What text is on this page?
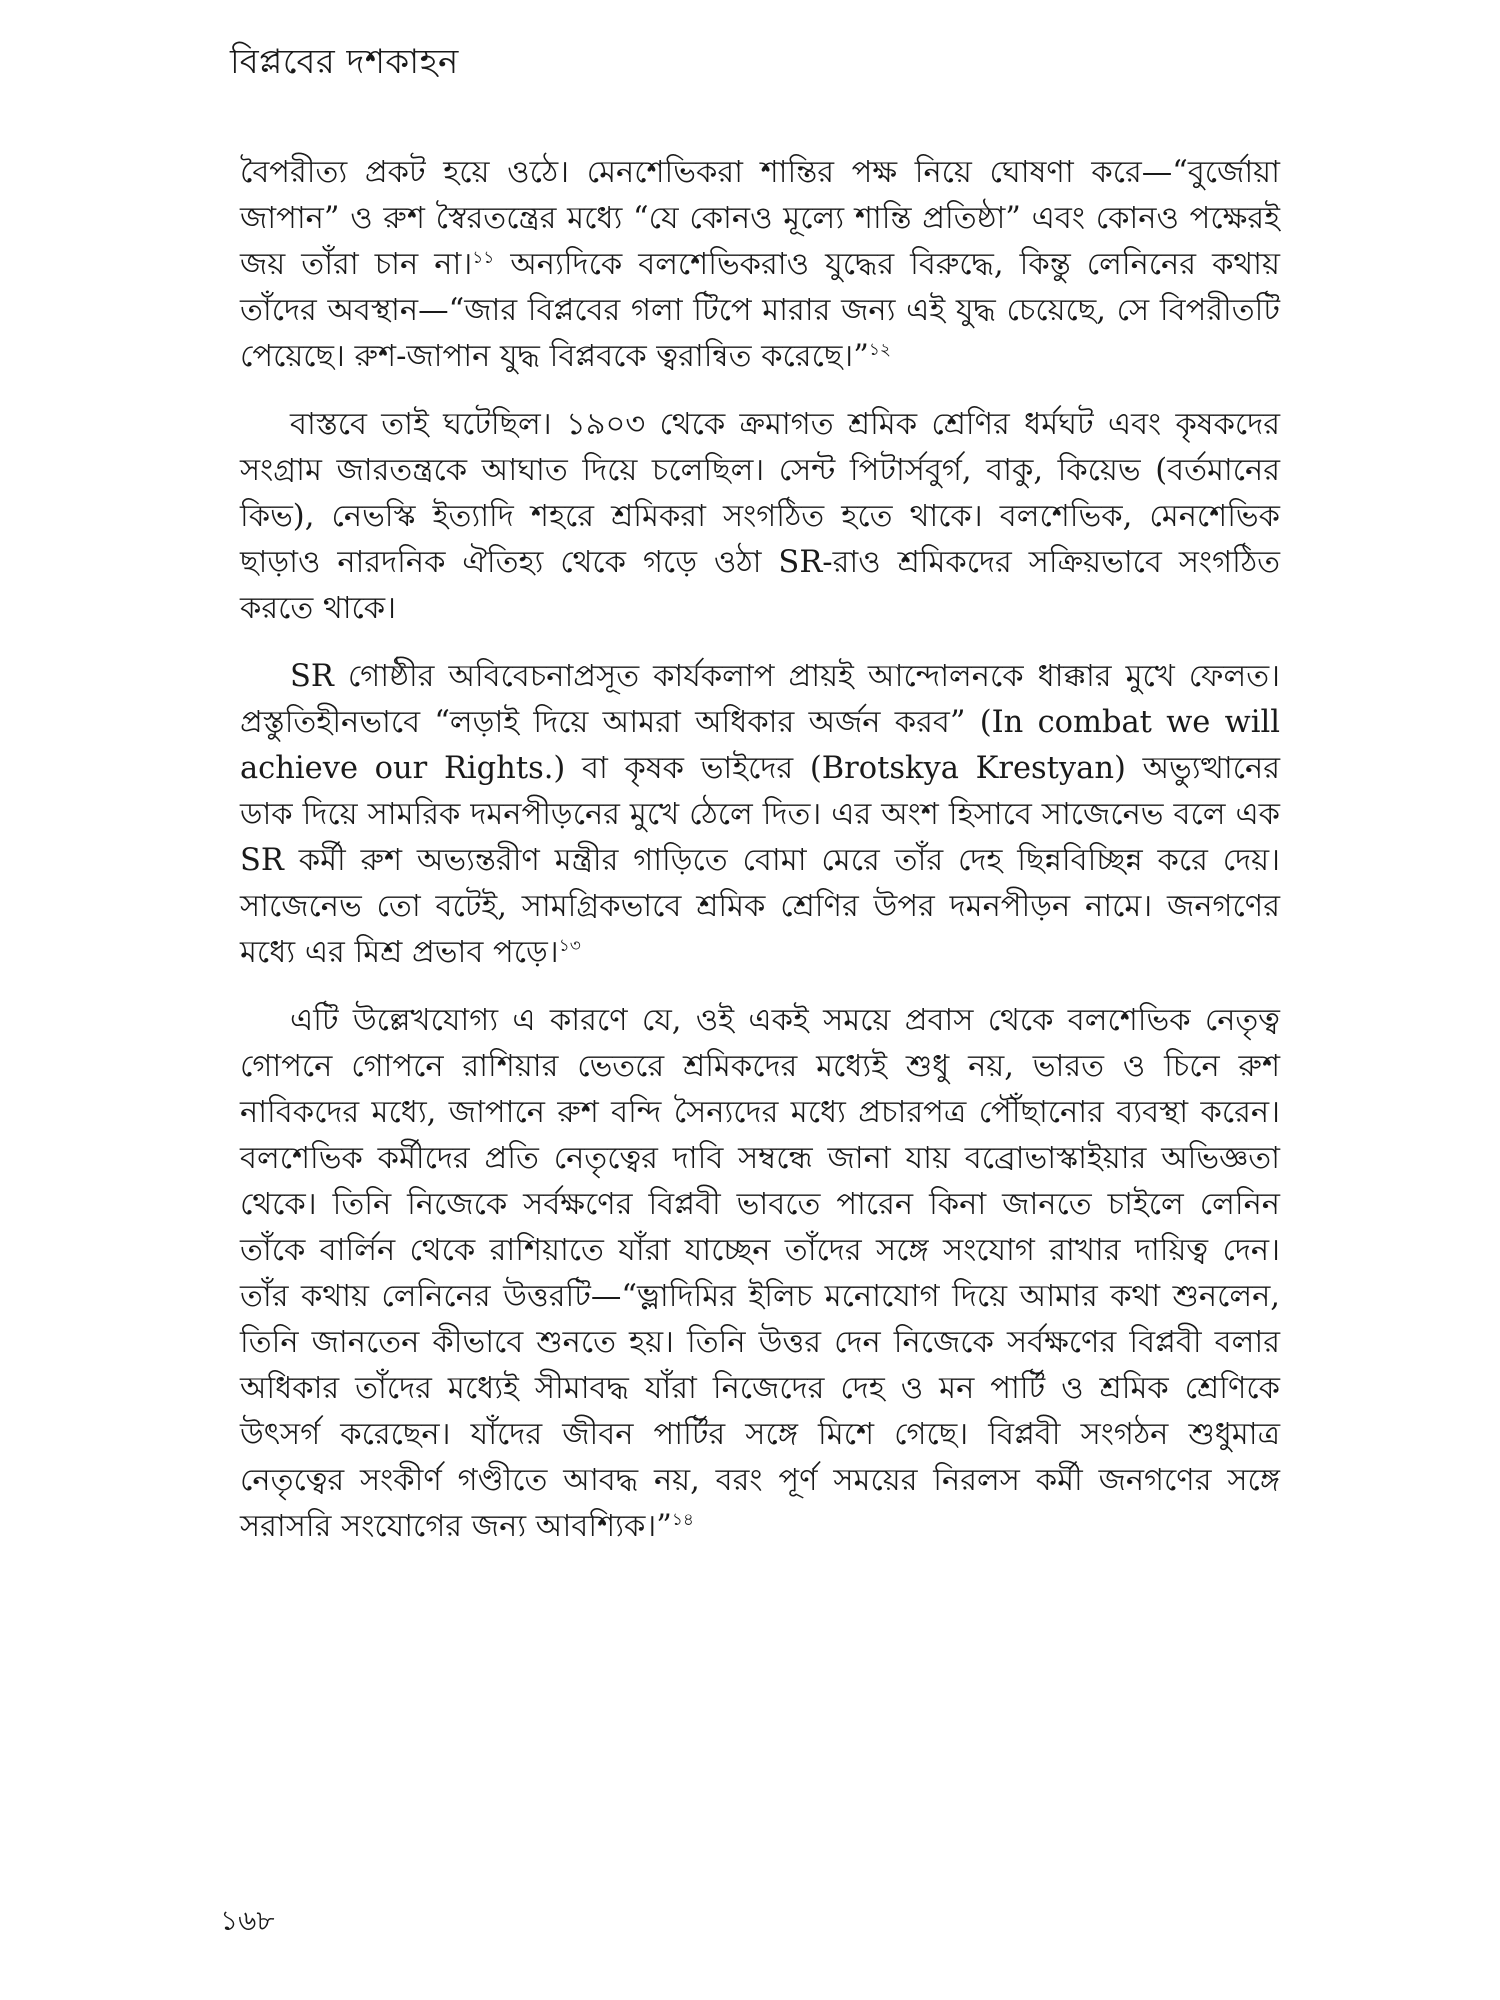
বিপ্লবের দশকাহন

বৈপরীত্য প্রকট হয়ে ওঠে। মেনশেভিকরা শান্তির পক্ষ নিয়ে ঘোষণা করে—“বুর্জোয়া জাপান” ও রুশ স্বৈরতন্ত্রের মধ্যে “যে কোনও মূল্যে শান্তি প্রতিষ্ঠা” এবং কোনও পক্ষেরই জয় তাঁরা চান না।$^{১১}$ অন্যদিকে বলশেভিকরাও যুদ্ধের বিরুদ্ধে, কিন্তু লেনিনের কথায় তাঁদের অবস্থান—“জার বিপ্লবের গলা টিপে মারার জন্য এই যুদ্ধ চেয়েছে, সে বিপরীতটি পেয়েছে। রুশ-জাপান যুদ্ধ বিপ্লবকে ত্বরান্বিত করেছে।”$^{১২}$

বাস্তবে তাই ঘটেছিল। ১৯০৩ থেকে ক্রমাগত শ্রমিক শ্রেণির ধর্মঘট এবং কৃষকদের সংগ্রাম জারতন্ত্রকে আঘাত দিয়ে চলেছিল। সেন্ট পিটার্সবুর্গ, বাকু, কিয়েভ (বর্তমানের কিভ), নেভস্কি ইত্যাদি শহরে শ্রমিকরা সংগঠিত হতে থাকে। বলশেভিক, মেনশেভিক ছাড়াও নারদনিক ঐতিহ্য থেকে গড়ে ওঠা SR-রাও শ্রমিকদের সক্রিয়ভাবে সংগঠিত করতে থাকে।

SR গোষ্ঠীর অবিবেচনাপ্রসূত কার্যকলাপ প্রায়ই আন্দোলনকে ধাক্কার মুখে ফেলত। প্রস্তুতিহীনভাবে “লড়াই দিয়ে আমরা অধিকার অর্জন করব” (In combat we will achieve our Rights.) বা কৃষক ভাইদের (Brotskya Krestyan) অভ্যুত্থানের ডাক দিয়ে সামরিক দমনপীড়নের মুখে ঠেলে দিত। এর অংশ হিসাবে সাজেনেভ বলে এক SR কর্মী রুশ অভ্যন্তরীণ মন্ত্রীর গাড়িতে বোমা মেরে তাঁর দেহ ছিন্নবিচ্ছিন্ন করে দেয়। সাজেনেভ তো বটেই, সামগ্রিকভাবে শ্রমিক শ্রেণির উপর দমনপীড়ন নামে। জনগণের মধ্যে এর মিশ্র প্রভাব পড়ে।$^{১৩}$

এটি উল্লেখযোগ্য এ কারণে যে, ওই একই সময়ে প্রবাস থেকে বলশেভিক নেতৃত্ব গোপনে গোপনে রাশিয়ার ভেতরে শ্রমিকদের মধ্যেই শুধু নয়, ভারত ও চিনে রুশ নাবিকদের মধ্যে, জাপানে রুশ বন্দি সৈন্যদের মধ্যে প্রচারপত্র পৌঁছানোর ব্যবস্থা করেন। বলশেভিক কর্মীদের প্রতি নেতৃত্বের দাবি সম্বন্ধে জানা যায় বব্রোভাস্কাইয়ার অভিজ্ঞতা থেকে। তিনি নিজেকে সর্বক্ষণের বিপ্লবী ভাবতে পারেন কিনা জানতে চাইলে লেনিন তাঁকে বার্লিন থেকে রাশিয়াতে যাঁরা যাচ্ছেন তাঁদের সঙ্গে সংযোগ রাখার দায়িত্ব দেন। তাঁর কথায় লেনিনের উত্তরটি—“ভ্লাদিমির ইলিচ মনোযোগ দিয়ে আমার কথা শুনলেন, তিনি জানতেন কীভাবে শুনতে হয়। তিনি উত্তর দেন নিজেকে সর্বক্ষণের বিপ্লবী বলার অধিকার তাঁদের মধ্যেই সীমাবদ্ধ যাঁরা নিজেদের দেহ ও মন পার্টি ও শ্রমিক শ্রেণিকে উৎসর্গ করেছেন। যাঁদের জীবন পার্টির সঙ্গে মিশে গেছে। বিপ্লবী সংগঠন শুধুমাত্র নেতৃত্বের সংকীর্ণ গণ্ডীতে আবদ্ধ নয়, বরং পূর্ণ সময়ের নিরলস কর্মী জনগণের সঙ্গে সরাসরি সংযোগের জন্য আবশ্যিক।”$^{১৪}$

১৬৮
